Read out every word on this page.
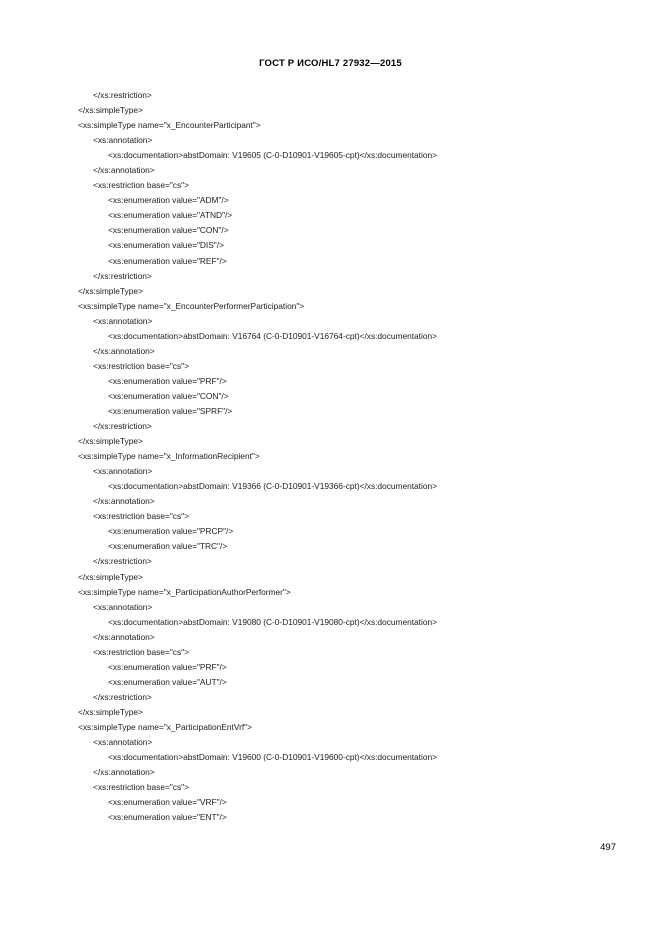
ГОСТ Р ИСО/HL7 27932—2015
</xs:restriction>
</xs:simpleType>
<xs:simpleType name="x_EncounterParticipant">
<xs:annotation>
<xs:documentation>abstDomain: V19605 (C-0-D10901-V19605-cpt)</xs:documentation>
</xs:annotation>
<xs:restriction base="cs">
<xs:enumeration value="ADM"/>
<xs:enumeration value="ATND"/>
<xs:enumeration value="CON"/>
<xs:enumeration value="DIS"/>
<xs:enumeration value="REF"/>
</xs:restriction>
</xs:simpleType>
<xs:simpleType name="x_EncounterPerformerParticipation">
<xs:annotation>
<xs:documentation>abstDomain: V16764 (C-0-D10901-V16764-cpt)</xs:documentation>
</xs:annotation>
<xs:restriction base="cs">
<xs:enumeration value="PRF"/>
<xs:enumeration value="CON"/>
<xs:enumeration value="SPRF"/>
</xs:restriction>
</xs:simpleType>
<xs:simpleType name="x_InformationRecipient">
<xs:annotation>
<xs:documentation>abstDomain: V19366 (C-0-D10901-V19366-cpt)</xs:documentation>
</xs:annotation>
<xs:restriction base="cs">
<xs:enumeration value="PRCP"/>
<xs:enumeration value="TRC"/>
</xs:restriction>
</xs:simpleType>
<xs:simpleType name="x_ParticipationAuthorPerformer">
<xs:annotation>
<xs:documentation>abstDomain: V19080 (C-0-D10901-V19080-cpt)</xs:documentation>
</xs:annotation>
<xs:restriction base="cs">
<xs:enumeration value="PRF"/>
<xs:enumeration value="AUT"/>
</xs:restriction>
</xs:simpleType>
<xs:simpleType name="x_ParticipationEntVrf">
<xs:annotation>
<xs:documentation>abstDomain: V19600 (C-0-D10901-V19600-cpt)</xs:documentation>
</xs:annotation>
<xs:restriction base="cs">
<xs:enumeration value="VRF"/>
<xs:enumeration value="ENT"/>
497
